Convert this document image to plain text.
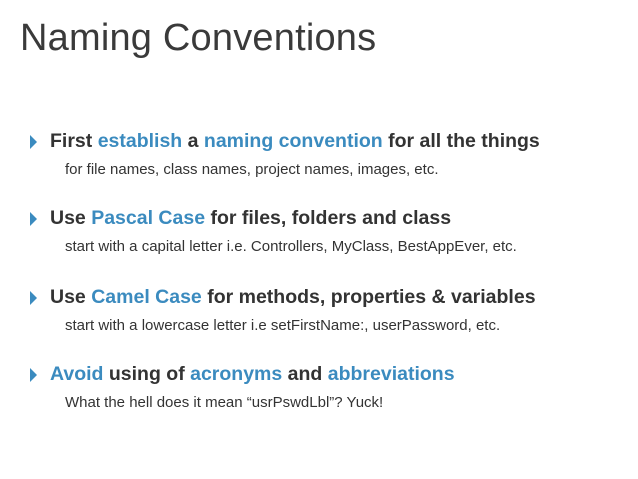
Naming Conventions
First establish a naming convention for all the things
for file names, class names, project names, images, etc.
Use Pascal Case for files, folders and class
start with a capital letter i.e. Controllers, MyClass, BestAppEver, etc.
Use Camel Case for methods, properties & variables
start with a lowercase letter i.e setFirstName:, userPassword, etc.
Avoid using of acronyms and abbreviations
What the hell does it mean “usrPswdLbl”? Yuck!
